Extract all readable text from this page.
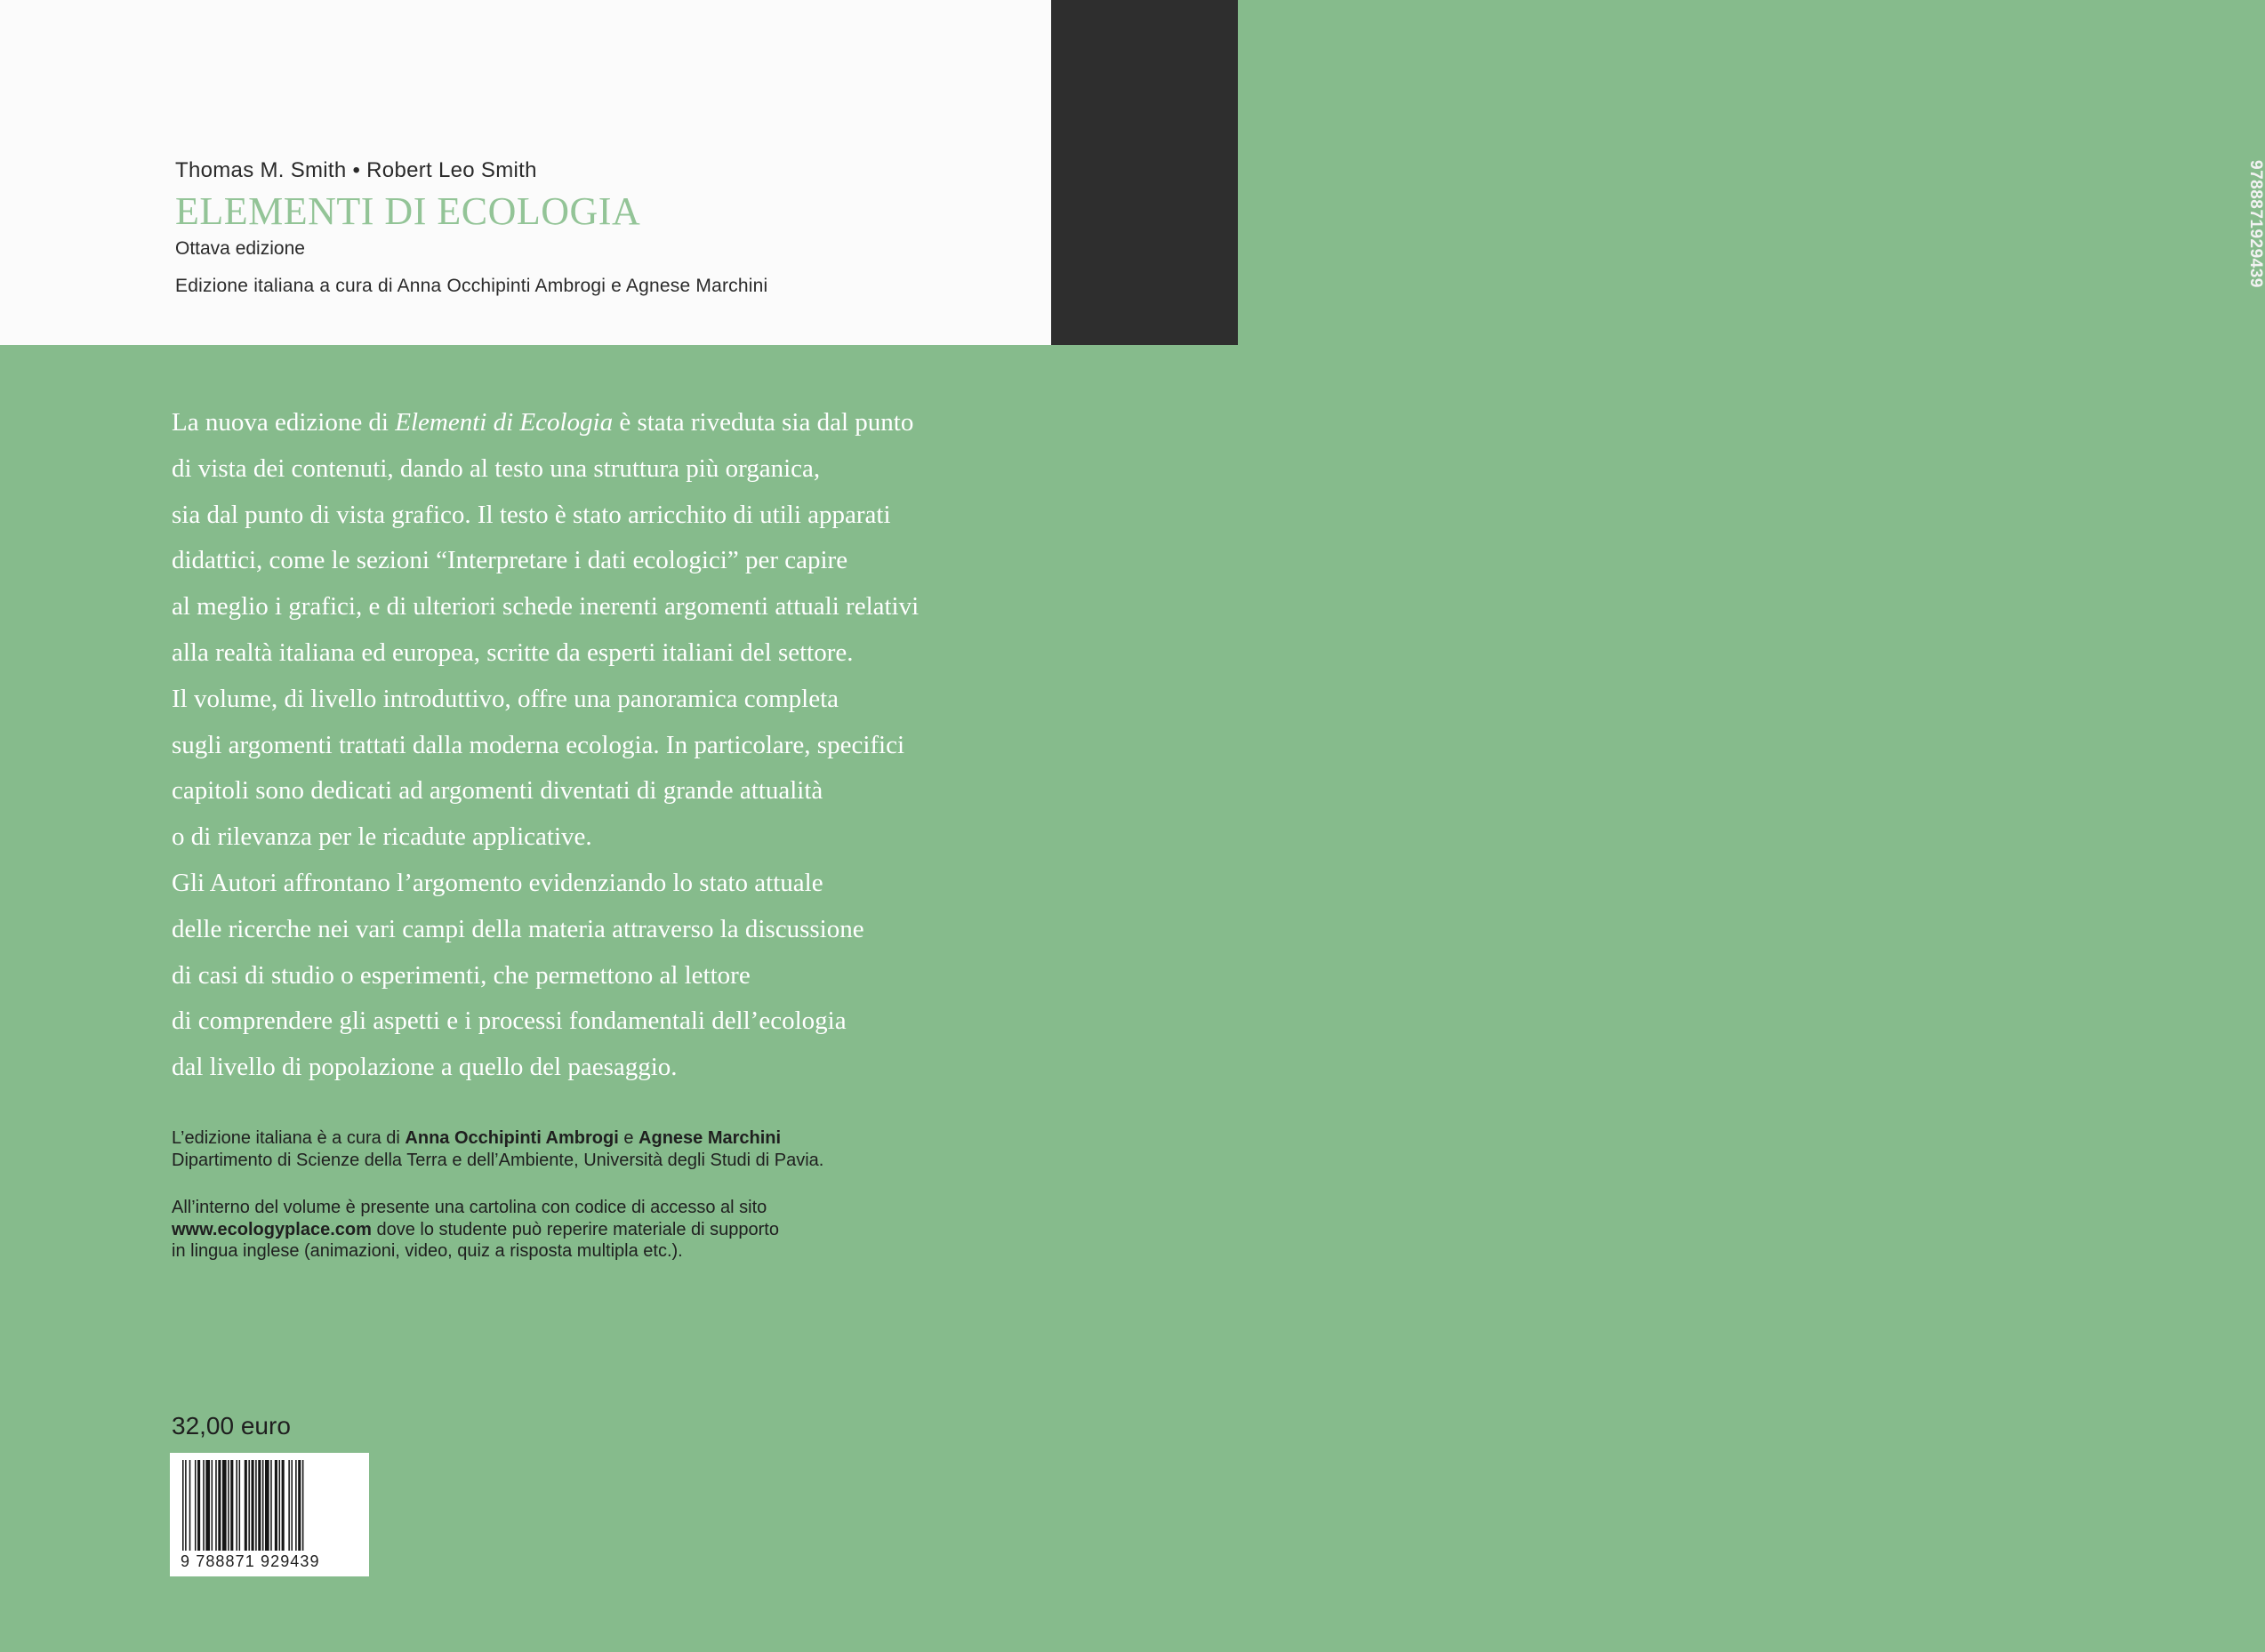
Thomas M. Smith • Robert Leo Smith
ELEMENTI DI ECOLOGIA
Ottava edizione
Edizione italiana a cura di Anna Occhipinti Ambrogi e Agnese Marchini	9788871929439
La nuova edizione di Elementi di Ecologia è stata riveduta sia dal punto
di vista dei contenuti, dando al testo una struttura più organica,
sia dal punto di vista grafico. Il testo è stato arricchito di utili apparati
didattici, come le sezioni “Interpretare i dati ecologici” per capire
al meglio i grafici, e di ulteriori schede inerenti argomenti attuali relativi
alla realtà italiana ed europea, scritte da esperti italiani del settore.
Il volume, di livello introduttivo, offre una panoramica completa
sugli argomenti trattati dalla moderna ecologia. In particolare, specifici
capitoli sono dedicati ad argomenti diventati di grande attualità
o di rilevanza per le ricadute applicative.
Gli Autori affrontano l’argomento evidenziando lo stato attuale
delle ricerche nei vari campi della materia attraverso la discussione
di casi di studio o esperimenti, che permettono al lettore
di comprendere gli aspetti e i processi fondamentali dell’ecologia
dal livello di popolazione a quello del paesaggio.
L’edizione italiana è a cura di Anna Occhipinti Ambrogi e Agnese Marchini
Dipartimento di Scienze della Terra e dell’Ambiente, Università degli Studi di Pavia.
All’interno del volume è presente una cartolina con codice di accesso al sito
www.ecologyplace.com dove lo studente può reperire materiale di supporto
in lingua inglese (animazioni, video, quiz a risposta multipla etc.).
32,00 euro
9 788871 929439
